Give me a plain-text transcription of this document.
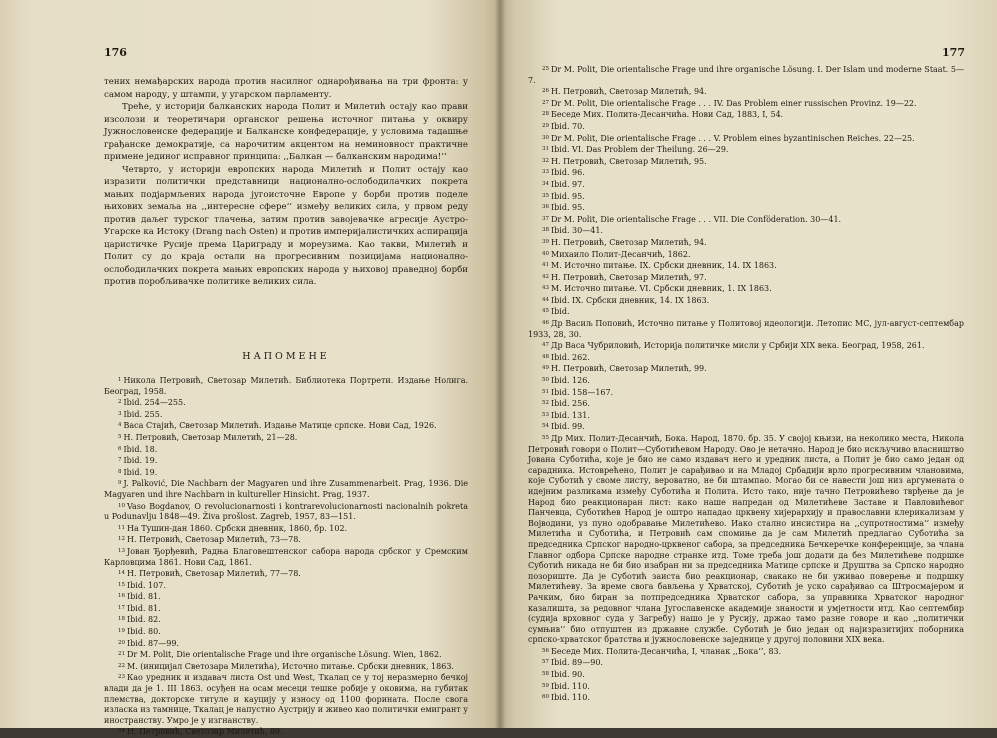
176

тених немађарских народа против насилног однарођивања на три фронта: у самом народу, у штампи, у угарском парламенту.

Треће, у историји балканских народа Полит и Милетић остају као прави изсолози и теоретичари органског решења источног питања у оквиру Јужнословенске федерације и Балканске конфедерације, у условима тадашње грађанске демократије, са нарочитим акцентом на неминовност практичне примене јединог исправног принципа: ,,Балкан — балканским народима!‘‘

Четврто, у историји европских народа Милетић и Полит остају као изразити политички представници национално-ослободилачких покрета мањих подјармљених народа југоисточне Европе у борби против поделе њихових земаља на ,,интересне сфере‘‘ између великих сила, у првом реду против даљег турског тлачења, затим против завојевачке агресије Аустро-Угарске ка Истоку (Drang nach Osten) и против империјалистичких аспирација царистичке Русије према Цариграду и мореузима. Као такви, Милетић и Полит су до краја остали на прогресивним позицијама национално-ослободилачких покрета мањих европских народа у њиховој праведној борби против поробљивачке политике великих сила.

НАПОМЕНЕ

$^1$ Никола Петровић, Светозар Милетић. Библиотека Портрети. Издање Нолига. Београд, 1958.

$^2$ Ibid. 254—255.

$^3$ Ibid. 255.

$^4$ Васа Стајић, Светозар Милетић. Издање Матице српске. Нови Сад, 1926.

$^5$ Н. Петровић, Светозар Милетић, 21—28.

$^6$ Ibid. 18.

$^7$ Ibid. 19.

$^8$ Ibid. 19.

$^9$ J. Palković, Die Nachbarn der Magyaren und ihre Zusammenarbeit. Prag, 1936. Die Magyaren und ihre Nachbarn in kultureller Hinsicht. Prag, 1937.

$^{10}$ Vaso Bogdanov, O revolucionarnosti i kontrarevolucionarnosti nacionalnih pokreta u Podunavlju 1848—49. Živa prošlost. Zagreb, 1957, 83—151.

$^{11}$ На Тушин-дан 1860. Србски дневник, 1860, бр. 102.

$^{12}$ Н. Петровић, Светозар Милетић, 73—78.

$^{13}$ Јован Ђорђевић, Радња Благовештенског сабора народа србског у Сремским Карловцима 1861. Нови Сад, 1861.

$^{14}$ Н. Петровић, Светозар Милетић, 77—78.

$^{15}$ Ibid. 107.

$^{16}$ Ibid. 81.

$^{17}$ Ibid. 81.

$^{18}$ Ibid. 82.

$^{19}$ Ibid. 80.

$^{20}$ Ibid. 87—99.

$^{21}$ Dr M. Polit, Die orientalische Frage und ihre organische Lösung. Wien, 1862.

$^{22}$ М. (иницијал Светозара Милетића), Источно питање. Србски дневник, 1863.

$^{23}$ Као уредник и издавач листа Ost und West, Ткалац се у тој неразмерно бечкој влади да је 1. III 1863. осуђен на осам месеци тешке робије у оковима, на губитак племства, докторске титуле и кауцију у износу од 1100 форината. После свога изласка из тамнице, Ткалац је напустио Аустрију и живео као политички емигрант у иностранству. Умро је у изгнанству.

$^{24}$ Н. Петровић, Светозар Милетић, 89.

177

$^{25}$ Dr M. Polit, Die orientalische Frage und ihre organische Lösung. I. Der Islam und moderne Staat. 5—7.

$^{26}$ Н. Петровић, Светозар Милетић, 94.

$^{27}$ Dr M. Polit, Die orientalische Frage . . . IV. Das Problem einer russischen Provinz. 19—22.

$^{28}$ Беседе Мих. Полита-Десанчића. Нови Сад, 1883, I, 54.

$^{29}$ Ibid. 70.

$^{30}$ Dr M. Polit, Die orientalische Frage . . . V. Problem eines byzantinischen Reiches. 22—25.

$^{31}$ Ibid. VI. Das Problem der Theilung. 26—29.

$^{32}$ Н. Петровић, Светозар Милетић, 95.

$^{33}$ Ibid. 96.

$^{34}$ Ibid. 97.

$^{35}$ Ibid. 95.

$^{36}$ Ibid. 95.

$^{37}$ Dr M. Polit, Die orientalische Frage . . . VII. Die Conföderation. 30—41.

$^{38}$ Ibid. 30—41.

$^{39}$ Н. Петровић, Светозар Милетић, 94.

$^{40}$ Михаило Полит-Десанчић, 1862.

$^{41}$ М. Источно питање. IX. Србски дневник, 14. IX 1863.

$^{42}$ Н. Петровић, Светозар Милетић, 97.

$^{43}$ М. Источно питање. VI. Србски дневник, 1. IX 1863.

$^{44}$ Ibid. IX. Србски дневник, 14. IX 1863.

$^{45}$ Ibid.

$^{46}$ Др Васиљ Поповић, Источно питање у Политовој идеологији. Летопис МС, јул-август-септембар 1933, 28, 30.

$^{47}$ Др Васа Чубриловић, Историја политичке мисли у Србији XIX века. Београд, 1958, 261.

$^{48}$ Ibid. 262.

$^{49}$ Н. Петровић, Светозар Милетић, 99.

$^{50}$ Ibid. 126.

$^{51}$ Ibid. 158—167.

$^{52}$ Ibid. 256.

$^{53}$ Ibid. 131.

$^{54}$ Ibid. 99.

$^{55}$ Др Мих. Полит-Десанчић, Бока. Народ, 1870. бр. 35. У својој књизи, на неколико места, Никола Петровић говори о Полит—Суботићевом Народу. Ово је нетачно. Народ је био искључиво власништво Јована Суботића, које је био не само издавач него и уредник листа, а Полит је био само један од сарадника. Истоврећено, Полит је сарађивао и на Младој Србадији врло прогресивним члановима, које Суботић у своме листу, вероватно, не би штампао. Могао би се навести још низ аргумената о идејним разликама између Суботића и Полита. Исто тако, није тачно Петровићево тврђење да је Народ био реакционаран лист: како наше напредан од Милетићеве Заставе и Павловићевог Панчевца, Суботићев Народ је оштро нападао црквену хијерархију и православни клерикализам у Војводини, уз пуно одобравање Милетићево. Иако стално инсистира на ,,супротностима‘‘ између Милетића и Суботића, и Петровић сам спомиње да је сам Милетић предлагао Суботића за председника Српског народно-црквеног сабора, за председника Бечкеречке конференције, за члана Главног одбора Српске народне странке итд. Томе треба још додати да без Милетићеве подршке Суботић никада не би био изабран ни за председника Матице српске и Друштва за Српско народно позориште. Да је Суботић заиста био реакционар, свакако не би уживао поверење и подршку Милетићеву. За време свога бављења у Хрватској, Суботић је уско сарађивао са Штросмајером и Рачким, био биран за потпредседника Хрватског сабора, за управника Хрватског народног казалишта, за редовног члана Југославенске академије знаности и умјетности итд. Као септембир (судија врховног суда у Загребу) нашо је у Русију, држао тамо разне говоре и као ,,политички сумњив‘‘ био отпуштен из државне службе. Суботић је био један од најизразитијих поборника српско-хрватског братства и јужнословенске заједнице у другој половини XIX века.

$^{56}$ Беседе Мих. Полита-Десанчића, I, чланак ,,Бока‘‘, 83.

$^{57}$ Ibid. 89—90.

$^{58}$ Ibid. 90.

$^{59}$ Ibid. 110.

$^{60}$ Ibid. 110.
